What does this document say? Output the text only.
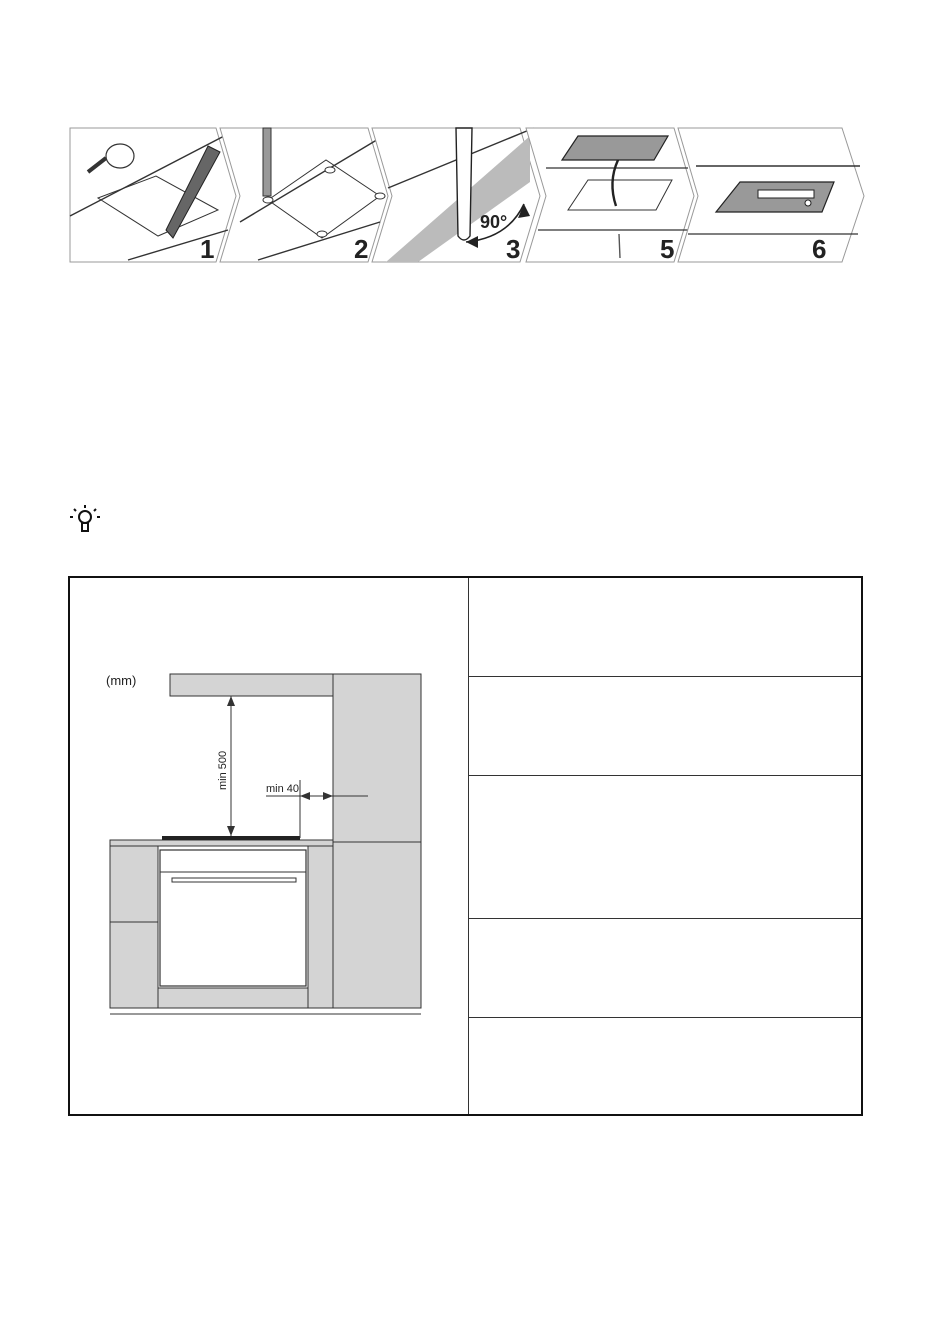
1	2
90°
3	5	6
(mm)
min 500	min 40
